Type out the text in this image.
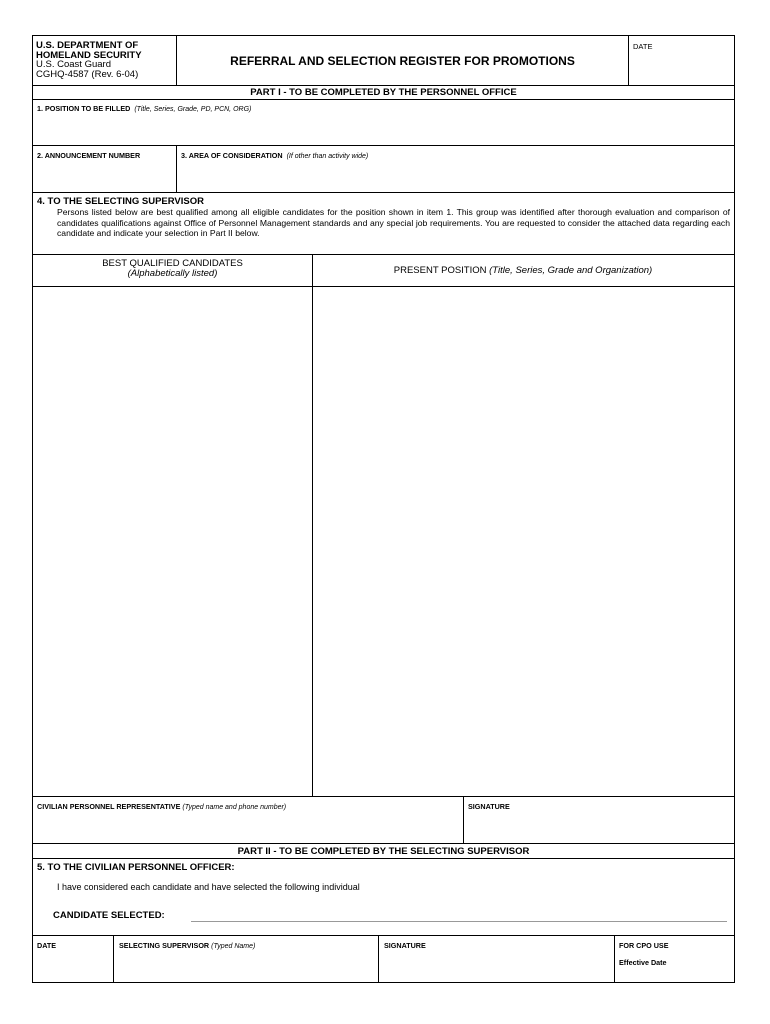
U.S. DEPARTMENT OF
HOMELAND SECURITY
U.S. Coast Guard
CGHQ-4587 (Rev. 6-04)
REFERRAL AND SELECTION REGISTER FOR PROMOTIONS
DATE
PART I - TO BE COMPLETED BY THE PERSONNEL OFFICE
1. POSITION TO BE FILLED (Title, Series, Grade, PD, PCN, ORG)
2. ANNOUNCEMENT NUMBER	3. AREA OF CONSIDERATION (If other than activity wide)
4. TO THE SELECTING SUPERVISOR
Persons listed below are best qualified among all eligible candidates for the position shown in item 1. This group was identified after thorough evaluation and comparison of candidates qualifications against Office of Personnel Management standards and any special job requirements. You are requested to consider the attached data regarding each candidate and indicate your selection in Part II below.
BEST QUALIFIED CANDIDATES
(Alphabetically listed)	PRESENT POSITION (Title, Series, Grade and Organization)
CIVILIAN PERSONNEL REPRESENTATIVE (Typed name and phone number)	SIGNATURE
PART II - TO BE COMPLETED BY THE SELECTING SUPERVISOR
5. TO THE CIVILIAN PERSONNEL OFFICER:
I have considered each candidate and have selected the following individual
CANDIDATE SELECTED:
DATE	SELECTING SUPERVISOR (Typed Name)	SIGNATURE	FOR CPO USE
Effective Date
